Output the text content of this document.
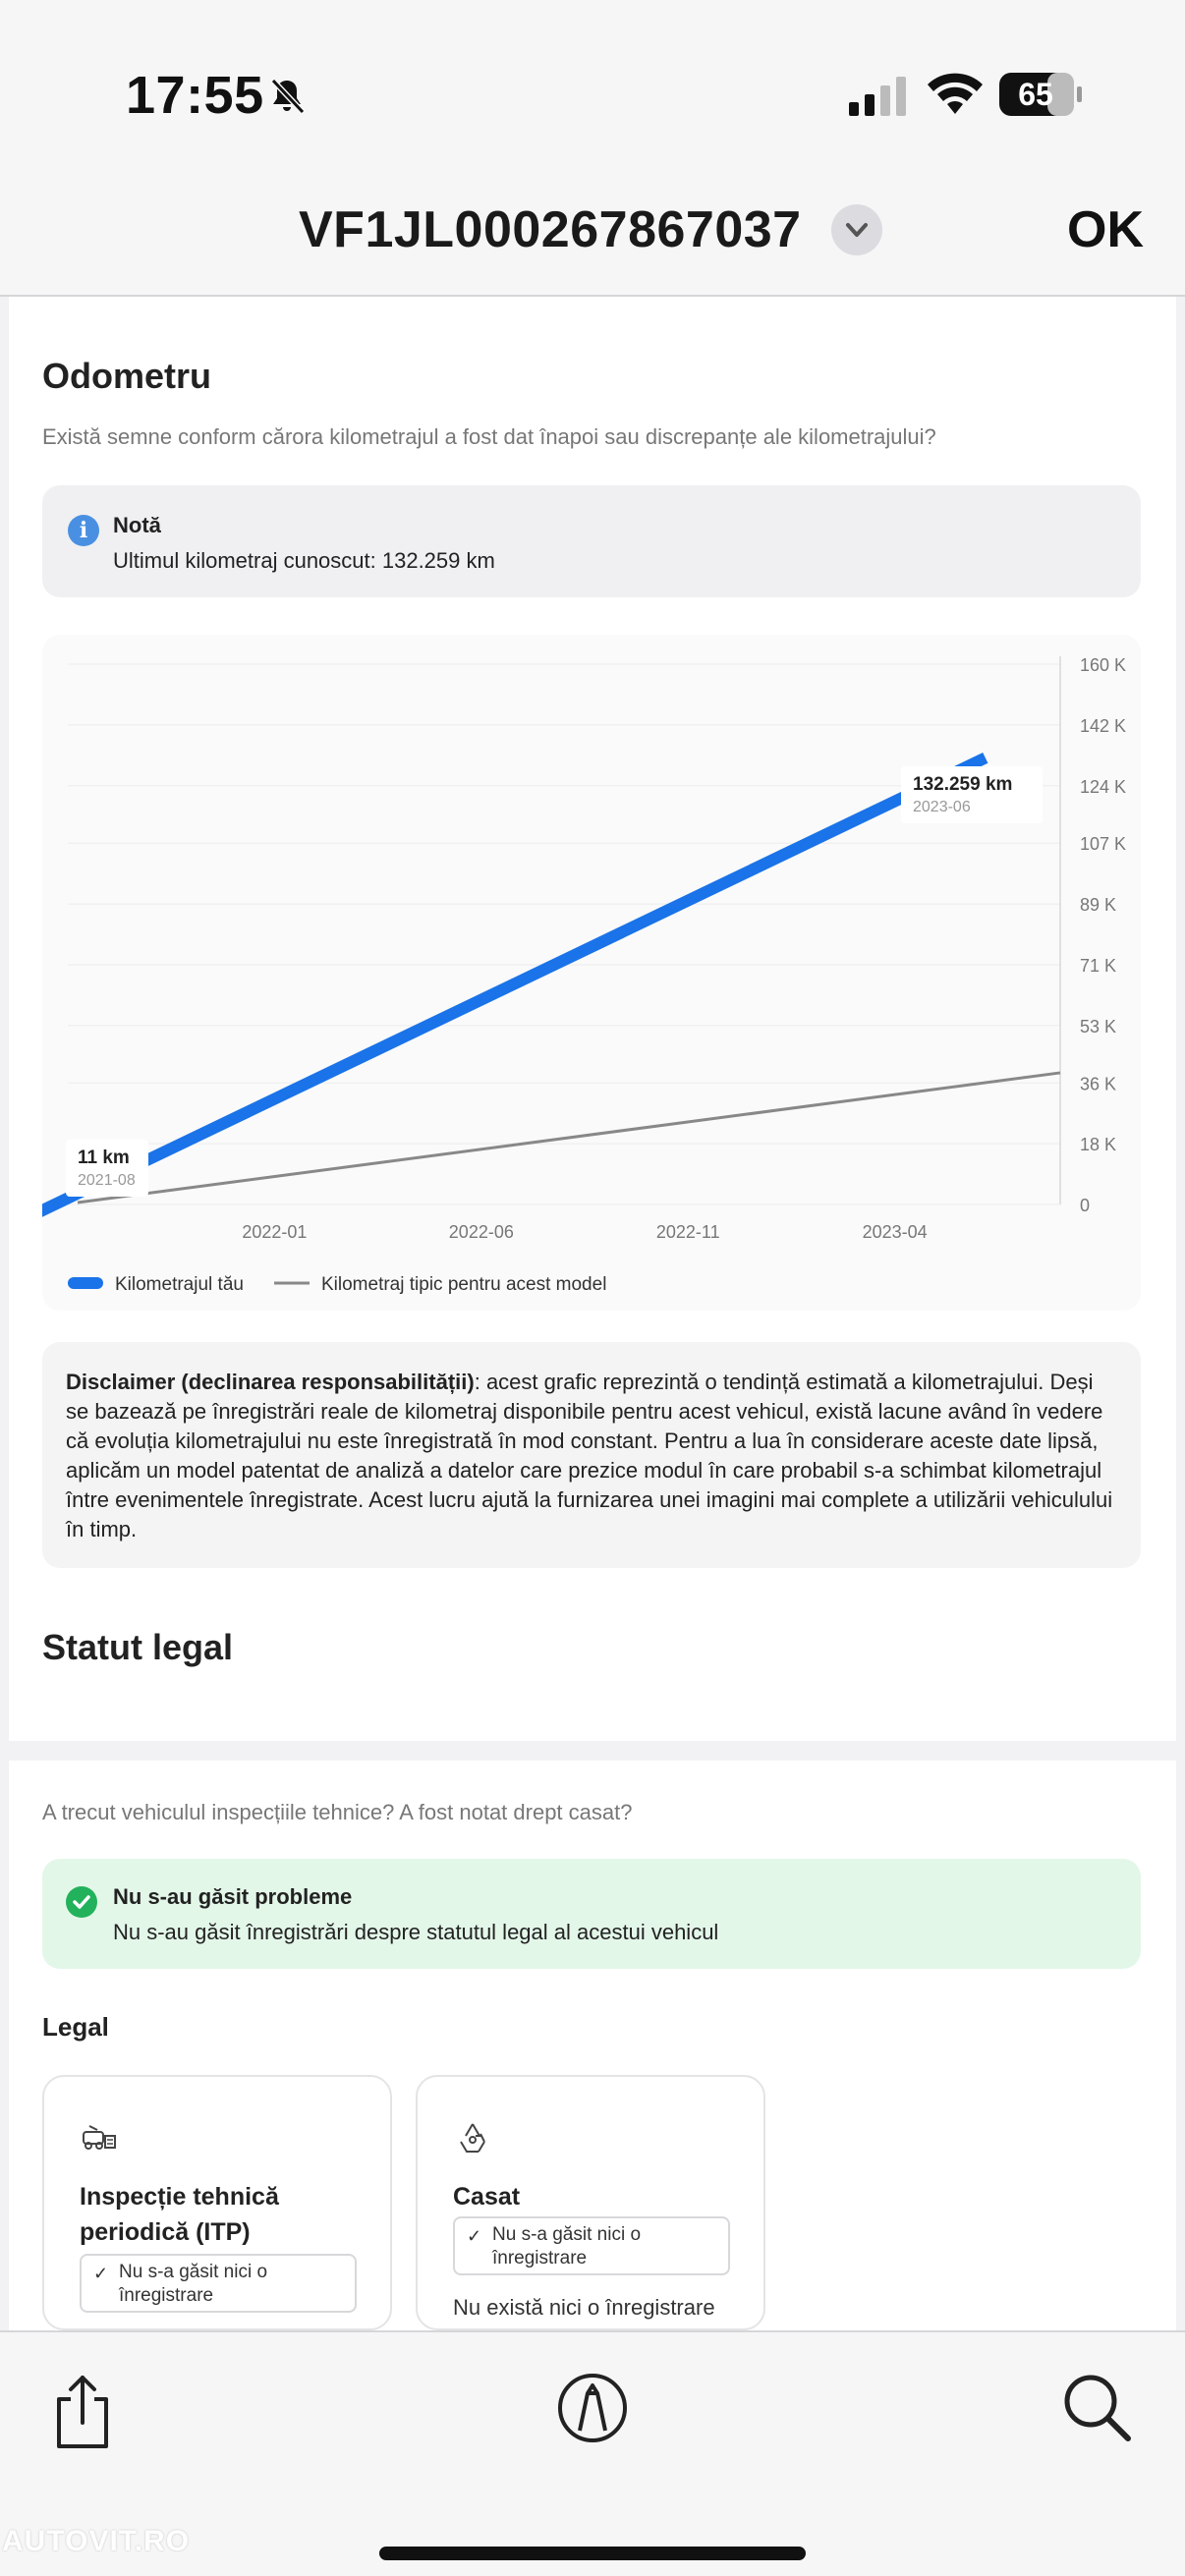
17:55	65
VF1JL000267867037	OK
Odometru
Există semne conform cărora kilometrajul a fost dat înapoi sau discrepanțe ale kilometrajului?
i	Notă
Ultimul kilometraj cunoscut: 132.259 km
0
18 K
36 K
53 K
71 K
89 K
107 K
124 K
142 K
160 K
2022-01	2022-06	2022-11	2023-04
11 km
2021-08
132.259 km
2023-06
Kilometrajul tău	Kilometraj tipic pentru acest model
Disclaimer (declinarea responsabilității): acest grafic reprezintă o tendință estimată a kilometrajului. Deși se bazează pe înregistrări reale de kilometraj disponibile pentru acest vehicul, există lacune având în vedere că evoluția kilometrajului nu este înregistrată în mod constant. Pentru a lua în considerare aceste date lipsă, aplicăm un model patentat de analiză a datelor care prezice modul în care probabil s-a schimbat kilometrajul între evenimentele înregistrate. Acest lucru ajută la furnizarea unei imagini mai complete a utilizării vehiculului în timp.
Statut legal
A trecut vehiculul inspecțiile tehnice? A fost notat drept casat?
Nu s-au găsit probleme
Nu s-au găsit înregistrări despre statutul legal al acestui vehicul
Legal
Inspecție tehnică periodică (ITP)
✓ Nu s-a găsit nici o înregistrare
Casat
✓ Nu s-a găsit nici o înregistrare
Nu există nici o înregistrare
AUTOVIT.RO
